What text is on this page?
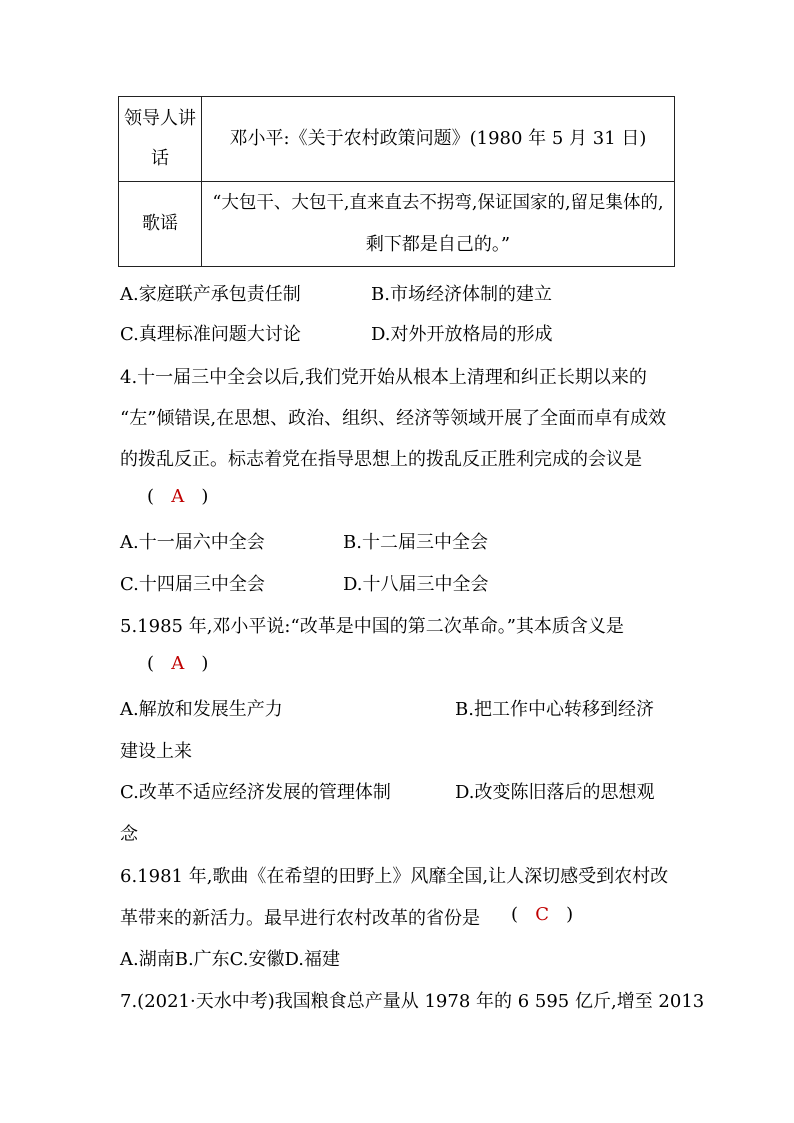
领导人讲
话	邓小平:《关于农村政策问题》(1980 年 5 月 31 日)
歌谣	“大包干、大包干,直来直去不拐弯,保证国家的,留足集体的,
剩下都是自己的。”
A.家庭联产承包责任制	B.市场经济体制的建立
C.真理标准问题大讨论	D.对外开放格局的形成
4.十一届三中全会以后,我们党开始从根本上清理和纠正长期以来的
“左”倾错误,在思想、政治、组织、经济等领域开展了全面而卓有成效
的拨乱反正。标志着党在指导思想上的拨乱反正胜利完成的会议是
( A )
A.十一届六中全会	B.十二届三中全会
C.十四届三中全会	D.十八届三中全会
5.1985 年,邓小平说:“改革是中国的第二次革命。”其本质含义是
( A )
A.解放和发展生产力	B.把工作中心转移到经济
建设上来
C.改革不适应经济发展的管理体制	D.改变陈旧落后的思想观
念
6.1981 年,歌曲《在希望的田野上》风靡全国,让人深切感受到农村改
革带来的新活力。最早进行农村改革的省份是 ( C )
A.湖南B.广东C.安徽D.福建
7.(2021·天水中考)我国粮食总产量从 1978 年的 6 595 亿斤,增至 2013
